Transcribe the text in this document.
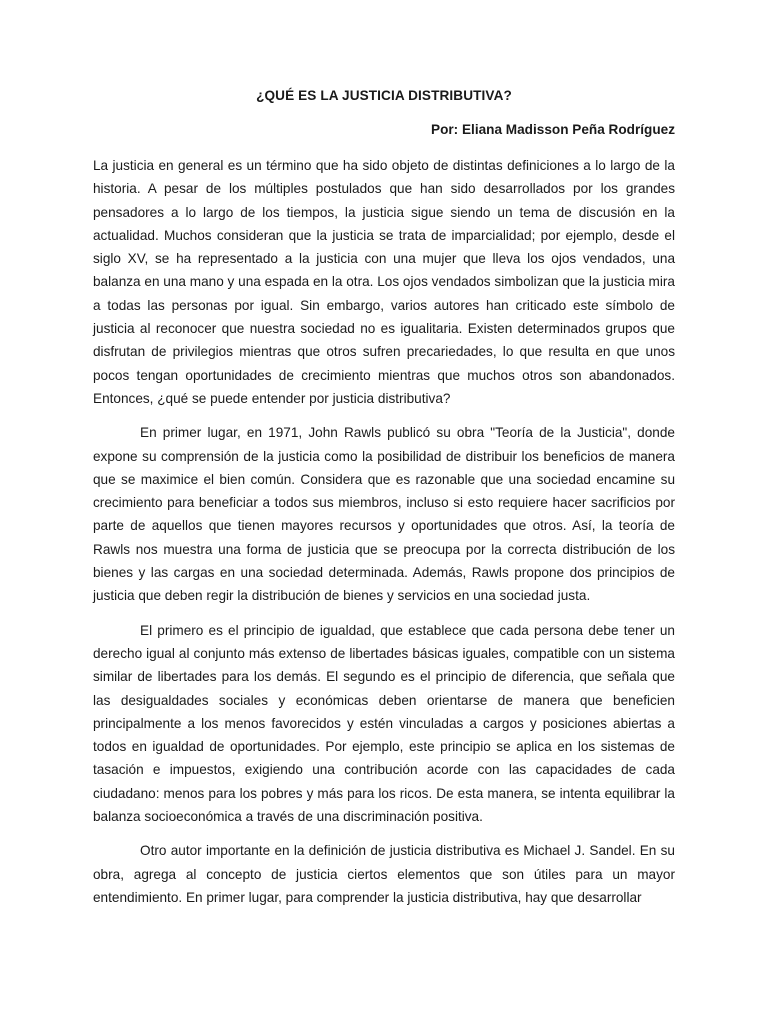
¿QUÉ ES LA JUSTICIA DISTRIBUTIVA?
Por: Eliana Madisson Peña Rodríguez

La justicia en general es un término que ha sido objeto de distintas definiciones a lo largo de la historia. A pesar de los múltiples postulados que han sido desarrollados por los grandes pensadores a lo largo de los tiempos, la justicia sigue siendo un tema de discusión en la actualidad. Muchos consideran que la justicia se trata de imparcialidad; por ejemplo, desde el siglo XV, se ha representado a la justicia con una mujer que lleva los ojos vendados, una balanza en una mano y una espada en la otra. Los ojos vendados simbolizan que la justicia mira a todas las personas por igual. Sin embargo, varios autores han criticado este símbolo de justicia al reconocer que nuestra sociedad no es igualitaria. Existen determinados grupos que disfrutan de privilegios mientras que otros sufren precariedades, lo que resulta en que unos pocos tengan oportunidades de crecimiento mientras que muchos otros son abandonados. Entonces, ¿qué se puede entender por justicia distributiva?

En primer lugar, en 1971, John Rawls publicó su obra "Teoría de la Justicia", donde expone su comprensión de la justicia como la posibilidad de distribuir los beneficios de manera que se maximice el bien común. Considera que es razonable que una sociedad encamine su crecimiento para beneficiar a todos sus miembros, incluso si esto requiere hacer sacrificios por parte de aquellos que tienen mayores recursos y oportunidades que otros. Así, la teoría de Rawls nos muestra una forma de justicia que se preocupa por la correcta distribución de los bienes y las cargas en una sociedad determinada. Además, Rawls propone dos principios de justicia que deben regir la distribución de bienes y servicios en una sociedad justa.

El primero es el principio de igualdad, que establece que cada persona debe tener un derecho igual al conjunto más extenso de libertades básicas iguales, compatible con un sistema similar de libertades para los demás. El segundo es el principio de diferencia, que señala que las desigualdades sociales y económicas deben orientarse de manera que beneficien principalmente a los menos favorecidos y estén vinculadas a cargos y posiciones abiertas a todos en igualdad de oportunidades. Por ejemplo, este principio se aplica en los sistemas de tasación e impuestos, exigiendo una contribución acorde con las capacidades de cada ciudadano: menos para los pobres y más para los ricos. De esta manera, se intenta equilibrar la balanza socioeconómica a través de una discriminación positiva.

Otro autor importante en la definición de justicia distributiva es Michael J. Sandel. En su obra, agrega al concepto de justicia ciertos elementos que son útiles para un mayor entendimiento. En primer lugar, para comprender la justicia distributiva, hay que desarrollar
